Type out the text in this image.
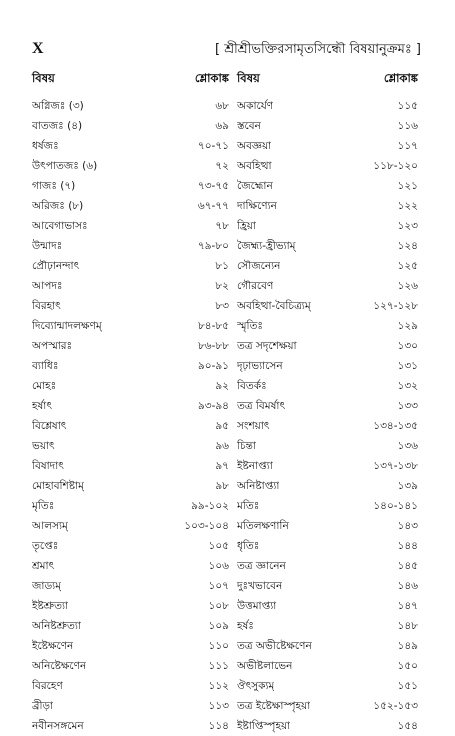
X	[ শ্রীশ্রীভক্তিরসামৃতসিন্ধৌ বিষয়ানুক্রমঃ ]
বিষয়	শ্লোকাঙ্ক বিষয়	শ্লোকাঙ্ক
অগ্নিজঃ (৩)	৬৮ অকার্যেণ	১১৫
বাতজঃ (৪)	৬৯ স্তবেন	১১৬
ধর্ষজঃ	৭০-৭১ অবজ্ঞয়া	১১৭
উৎপাতজঃ (৬)	৭২ অবহিত্থা	১১৮-১২০
গাজঃ (৭)	৭৩-৭৫ জৈহ্মোন	১২১
অরিজঃ (৮)	৬৭-৭৭ দাক্ষিণ্যেন	১২২
আবেগাভাসঃ	৭৮ হ্রিয়া	১২৩
উন্মাদঃ	৭৯-৮০ জৈহ্ম্য-হ্রীভ্যাম্	১২৪
প্রৌঢ়ানন্দাৎ	৮১ সৌজন্যেন	১২৫
আপদঃ	৮২ গৌরবেণ	১২৬
বিরহাৎ	৮৩ অবহিত্থা-বৈচিত্র্যম্	১২৭-১২৮
দিব্যোন্মাদলক্ষণম্	৮৪-৮৫ স্মৃতিঃ	১২৯
অপস্মারঃ	৮৬-৮৮ তত্র সদৃশেক্ষয়া	১৩০
ব্যাধিঃ	৯০-৯১ দৃঢ়াভ্যাসেন	১৩১
মোহঃ	৯২ বিতর্কঃ	১৩২
হর্ষাৎ	৯৩-৯৪ তত্র বিমর্ষাৎ	১৩৩
বিশ্লেষাৎ	৯৫ সংশয়াৎ	১৩৪-১৩৫
ভয়াৎ	৯৬ চিন্তা	১৩৬
বিষাদাৎ	৯৭ ইষ্টনাপ্ত্যা	১৩৭-১৩৮
মোহাবশিষ্টাম্	৯৮ অনিষ্টাপ্ত্যা	১৩৯
মৃতিঃ	৯৯-১০২ মতিঃ	১৪০-১৪১
আলস্যম্	১০৩-১০৪ মতিলক্ষণানি	১৪৩
তৃপ্তেঃ	১০৫ ধৃতিঃ	১৪৪
শ্রমাৎ	১০৬ তত্র জ্ঞানেন	১৪৫
জাড্যম্	১০৭ দুঃখভাবেন	১৪৬
ইষ্টশ্রুত্যা	১০৮ উত্তমাপ্ত্যা	১৪৭
অনিষ্টশ্রুত্যা	১০৯ হর্ষঃ	১৪৮
ইষ্টেক্ষণেন	১১০ তত্র অভীষ্টেক্ষণেন	১৪৯
অনিষ্টেক্ষণেন	১১১ অভীষ্টলাভেন	১৫০
বিরহেণ	১১২ ঔৎসুক্যম্	১৫১
ব্রীড়া	১১৩ তত্র ইষ্টেক্ষাস্পৃহয়া	১৫২-১৫৩
নবীনসঙ্গমেন	১১৪ ইষ্টাপ্তিস্পৃহয়া	১৫৪
